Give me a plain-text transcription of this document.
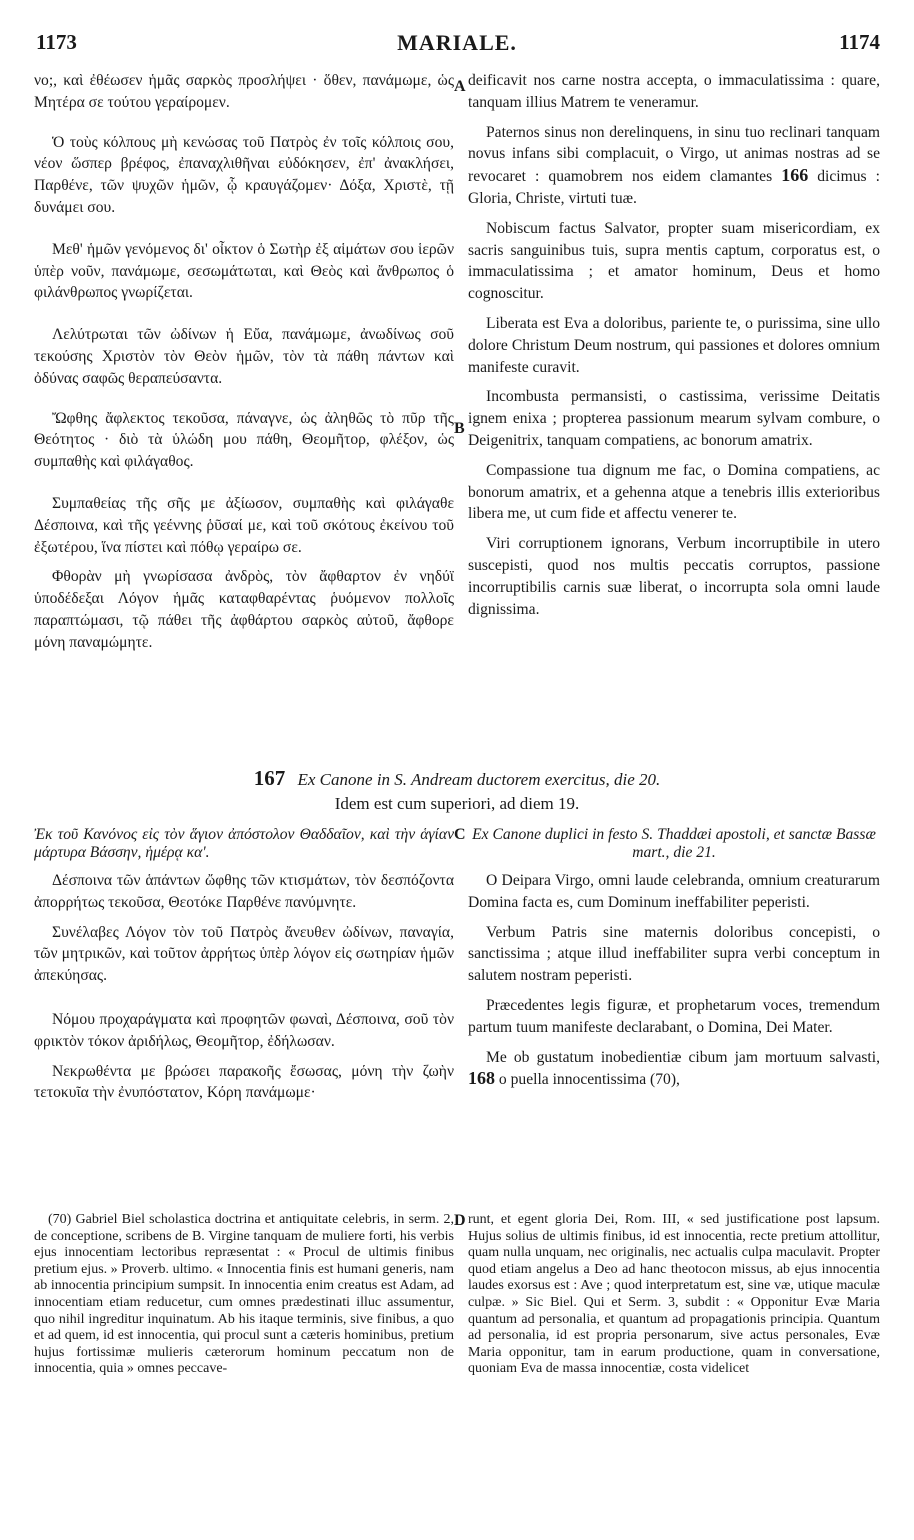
1173	MARIALE.	1174

νο;, καὶ ἐθέωσεν ἡμᾶς σαρκὸς προσλήψει · ὅθεν, πανάμωμε, ὡς Μητέρα σε τούτου γεραίρομεν.

Ὁ τοὺς κόλπους μὴ κενώσας τοῦ Πατρὸς ἐν τοῖς κόλποις σου, νέον ὥσπερ βρέφος, ἐπαναχλιθῆναι εὐδόκησεν, ἐπ' ἀνακλήσει, Παρθένε, τῶν ψυχῶν ἡμῶν, ᾧ κραυγάζομεν· Δόξα, Χριστὲ, τῇ δυνάμει σου.

Μεθ' ἡμῶν γενόμενος δι' οἶκτον ὁ Σωτὴρ ἐξ αἱμάτων σου ἱερῶν ὑπὲρ νοῦν, πανάμωμε, σεσωμάτωται, καὶ Θεὸς καὶ ἄνθρωπος ὁ φιλάνθρωπος γνωρίζεται.

Λελύτρωται τῶν ὠδίνων ἡ Εὔα, πανάμωμε, ἀνωδίνως σοῦ τεκούσης Χριστὸν τὸν Θεὸν ἡμῶν, τὸν τὰ πάθη πάντων καὶ ὀδύνας σαφῶς θεραπεύσαντα.

Ὤφθης ἄφλεκτος τεκοῦσα, πάναγνε, ὡς ἀληθῶς τὸ πῦρ τῆς Θεότητος · διὸ τὰ ὑλώδη μου πάθη, Θεομῆτορ, φλέξον, ὡς συμπαθὴς καὶ φιλάγαθος.

Συμπαθείας τῆς σῆς με ἀξίωσον, συμπαθὴς καὶ φιλάγαθε Δέσποινα, καὶ τῆς γεέννης ῥῦσαί με, καὶ τοῦ σκότους ἐκείνου τοῦ ἐξωτέρου, ἵνα πίστει καὶ πόθῳ γεραίρω σε.

Φθορὰν μὴ γνωρίσασα ἀνδρὸς, τὸν ἄφθαρτον ἐν νηδύϊ ὑποδέδεξαι Λόγον ἡμᾶς καταφθαρέντας ῥυόμενον πολλοῖς παραπτώμασι, τῷ πάθει τῆς ἀφθάρτου σαρκὸς αὐτοῦ, ἄφθορε μόνη παναμώμητε.

A
B

deificavit nos carne nostra accepta, o immaculatissima : quare, tanquam illius Matrem te veneramur.

Paternos sinus non derelinquens, in sinu tuo reclinari tanquam novus infans sibi complacuit, o Virgo, ut animas nostras ad se revocaret : quamobrem nos eidem clamantes 166 dicimus : Gloria, Christe, virtuti tuæ.

Nobiscum factus Salvator, propter suam misericordiam, ex sacris sanguinibus tuis, supra mentis captum, corporatus est, o immaculatissima ; et amator hominum, Deus et homo cognoscitur.

Liberata est Eva a doloribus, pariente te, o purissima, sine ullo dolore Christum Deum nostrum, qui passiones et dolores omnium manifeste curavit.

Incombusta permansisti, o castissima, verissime Deitatis ignem enixa ; propterea passionum mearum sylvam combure, o Deigenitrix, tanquam compatiens, ac bonorum amatrix.

Compassione tua dignum me fac, o Domina compatiens, ac bonorum amatrix, et a gehenna atque a tenebris illis exterioribus libera me, ut cum fide et affectu venerer te.

Viri corruptionem ignorans, Verbum incorruptibile in utero suscepisti, quod nos multis peccatis corruptos, passione incorruptibilis carnis suæ liberat, o incorrupta sola omni laude dignissima.

167 Ex Canone in S. Andream ductorem exercitus, die 20.
Idem est cum superiori, ad diem 19.

Ἐκ τοῦ Κανόνος εἰς τὸν ἅγιον ἀπόστολον Θαδδαῖον, καὶ τὴν ἁγίαν μάρτυρα Βάσσην, ἡμέρᾳ κα'.

Δέσποινα τῶν ἁπάντων ὤφθης τῶν κτισμάτων, τὸν δεσπόζοντα ἀπορρήτως τεκοῦσα, Θεοτόκε Παρθένε πανύμνητε.

Συνέλαβες Λόγον τὸν τοῦ Πατρὸς ἄνευθεν ὠδίνων, παναγία, τῶν μητρικῶν, καὶ τοῦτον ἀρρήτως ὑπὲρ λόγον εἰς σωτηρίαν ἡμῶν ἀπεκύησας.

Νόμου προχαράγματα καὶ προφητῶν φωναὶ, Δέσποινα, σοῦ τὸν φρικτὸν τόκον ἀριδήλως, Θεομῆτορ, ἐδήλωσαν.

Νεκρωθέντα με βρώσει παρακοῆς ἔσωσας, μόνη τὴν ζωὴν τετοκυῖα τὴν ἐνυπόστατον, Κόρη πανάμωμε·

C Ex Canone duplici in festo S. Thaddæi apostoli, et sanctæ Bassæ mart., die 21.

O Deipara Virgo, omni laude celebranda, omnium creaturarum Domina facta es, cum Dominum ineffabiliter peperisti.

Verbum Patris sine maternis doloribus concepisti, o sanctissima ; atque illud ineffabiliter supra verbi conceptum in salutem nostram peperisti.

Præcedentes legis figuræ, et prophetarum voces, tremendum partum tuum manifeste declarabant, o Domina, Dei Mater.

Me ob gustatum inobedientiæ cibum jam mortuum salvasti, 168 o puella innocentissima (70),

(70) Gabriel Biel scholastica doctrina et antiquitate celebris, in serm. 2, de conceptione, scribens de B. Virgine tanquam de muliere forti, his verbis ejus innocentiam lectoribus repræsentat : « Procul de ultimis finibus pretium ejus. » Proverb. ultimo. « Innocentia finis est humani generis, nam ab innocentia principium sumpsit. In innocentia enim creatus est Adam, ad innocentiam etiam reducetur, cum omnes prædestinati illuc assumentur, quo nihil ingreditur inquinatum. Ab his itaque terminis, sive finibus, a quo et ad quem, id est innocentia, qui procul sunt a cæteris hominibus, pretium hujus fortissimæ mulieris cæterorum hominum peccatum non de innocentia, quia » omnes peccave-

D runt, et egent gloria Dei, Rom. III, « sed justificatione post lapsum. Hujus solius de ultimis finibus, id est innocentia, recte pretium attollitur, quam nulla unquam, nec originalis, nec actualis culpa maculavit. Propter quod etiam angelus a Deo ad hanc theotocon missus, ab ejus innocentia laudes exorsus est : Ave ; quod interpretatum est, sine væ, utique maculæ culpæ. » Sic Biel. Qui et Serm. 3, subdit : « Opponitur Evæ Maria quantum ad personalia, et quantum ad propagationis principia. Quantum ad personalia, id est propria personarum, sive actus personales, Evæ Maria opponitur, tam in earum productione, quam in conversatione, quoniam Eva de massa innocentiæ, costa videlicet
